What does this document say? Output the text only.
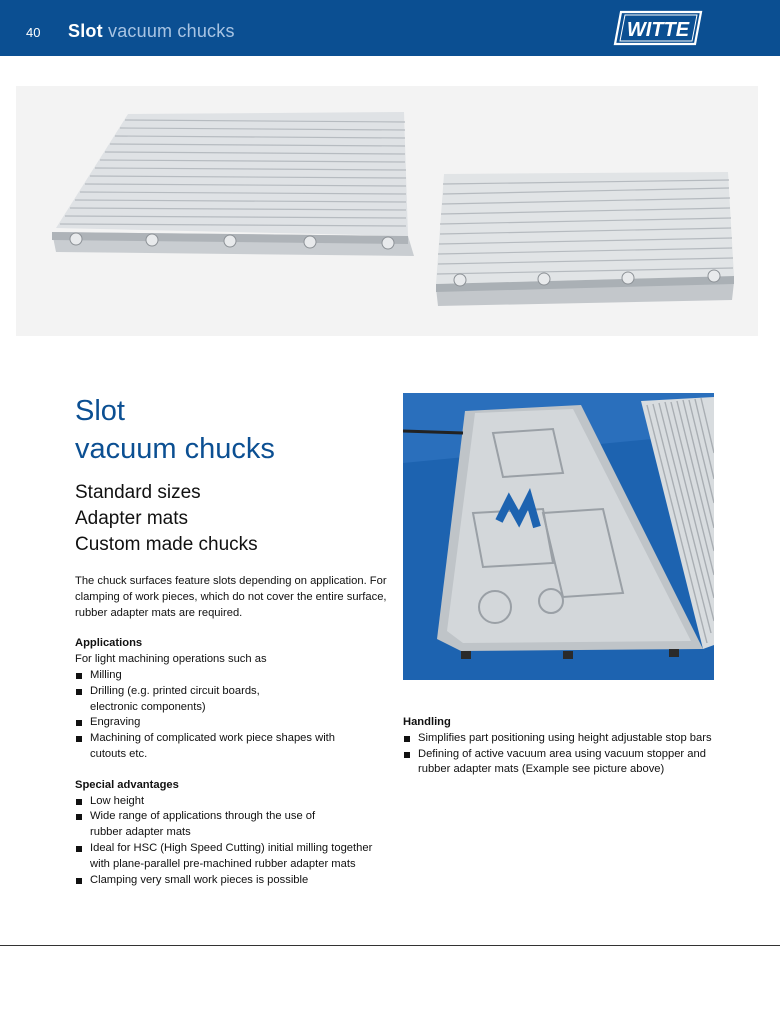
40 Slot vacuum chucks	WITTE
Slot
vacuum chucks
Standard sizes
Adapter mats
Custom made chucks

The chuck surfaces feature slots depending on application. For clamping of work pieces, which do not cover the entire surface, rubber adapter mats are required.

Applications
For light machining operations such as
Milling
Drilling (e.g. printed circuit boards, electronic components)
Engraving
Machining of complicated work piece shapes with cutouts etc.
Special advantages
Low height
Wide range of applications through the use of rubber adapter mats
Ideal for HSC (High Speed Cutting) initial milling together with plane-parallel pre-machined rubber adapter mats
Clamping very small work pieces is possible
Handling
Simplifies part positioning using height adjustable stop bars
Defining of active vacuum area using vacuum stopper and rubber adapter mats (Example see picture above)
